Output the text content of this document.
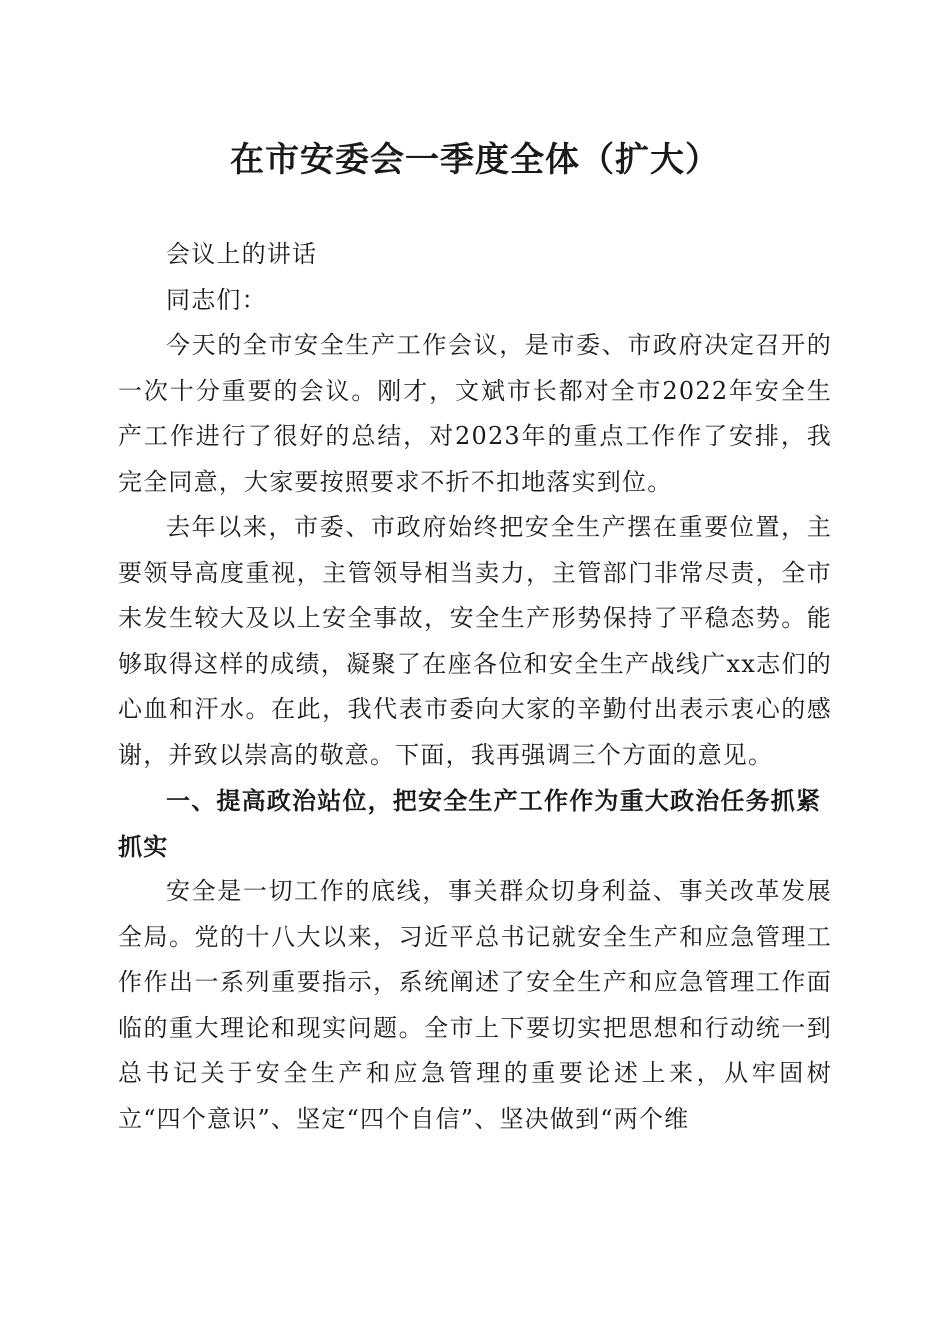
在市安委会一季度全体（扩大）

会议上的讲话

同志们：

今天的全市安全生产工作会议，是市委、市政府决定召开的一次十分重要的会议。刚才，文斌市长都对全市2022年安全生产工作进行了很好的总结，对2023年的重点工作作了安排，我完全同意，大家要按照要求不折不扣地落实到位。

去年以来，市委、市政府始终把安全生产摆在重要位置，主要领导高度重视，主管领导相当卖力，主管部门非常尽责，全市未发生较大及以上安全事故，安全生产形势保持了平稳态势。能够取得这样的成绩，凝聚了在座各位和安全生产战线广xx志们的心血和汗水。在此，我代表市委向大家的辛勤付出表示衷心的感谢，并致以崇高的敬意。下面，我再强调三个方面的意见。

一、提高政治站位，把安全生产工作作为重大政治任务抓紧抓实

安全是一切工作的底线，事关群众切身利益、事关改革发展全局。党的十八大以来，习近平总书记就安全生产和应急管理工作作出一系列重要指示，系统阐述了安全生产和应急管理工作面临的重大理论和现实问题。全市上下要切实把思想和行动统一到总书记关于安全生产和应急管理的重要论述上来，从牢固树立“四个意识”、坚定“四个自信”、坚决做到“两个维
